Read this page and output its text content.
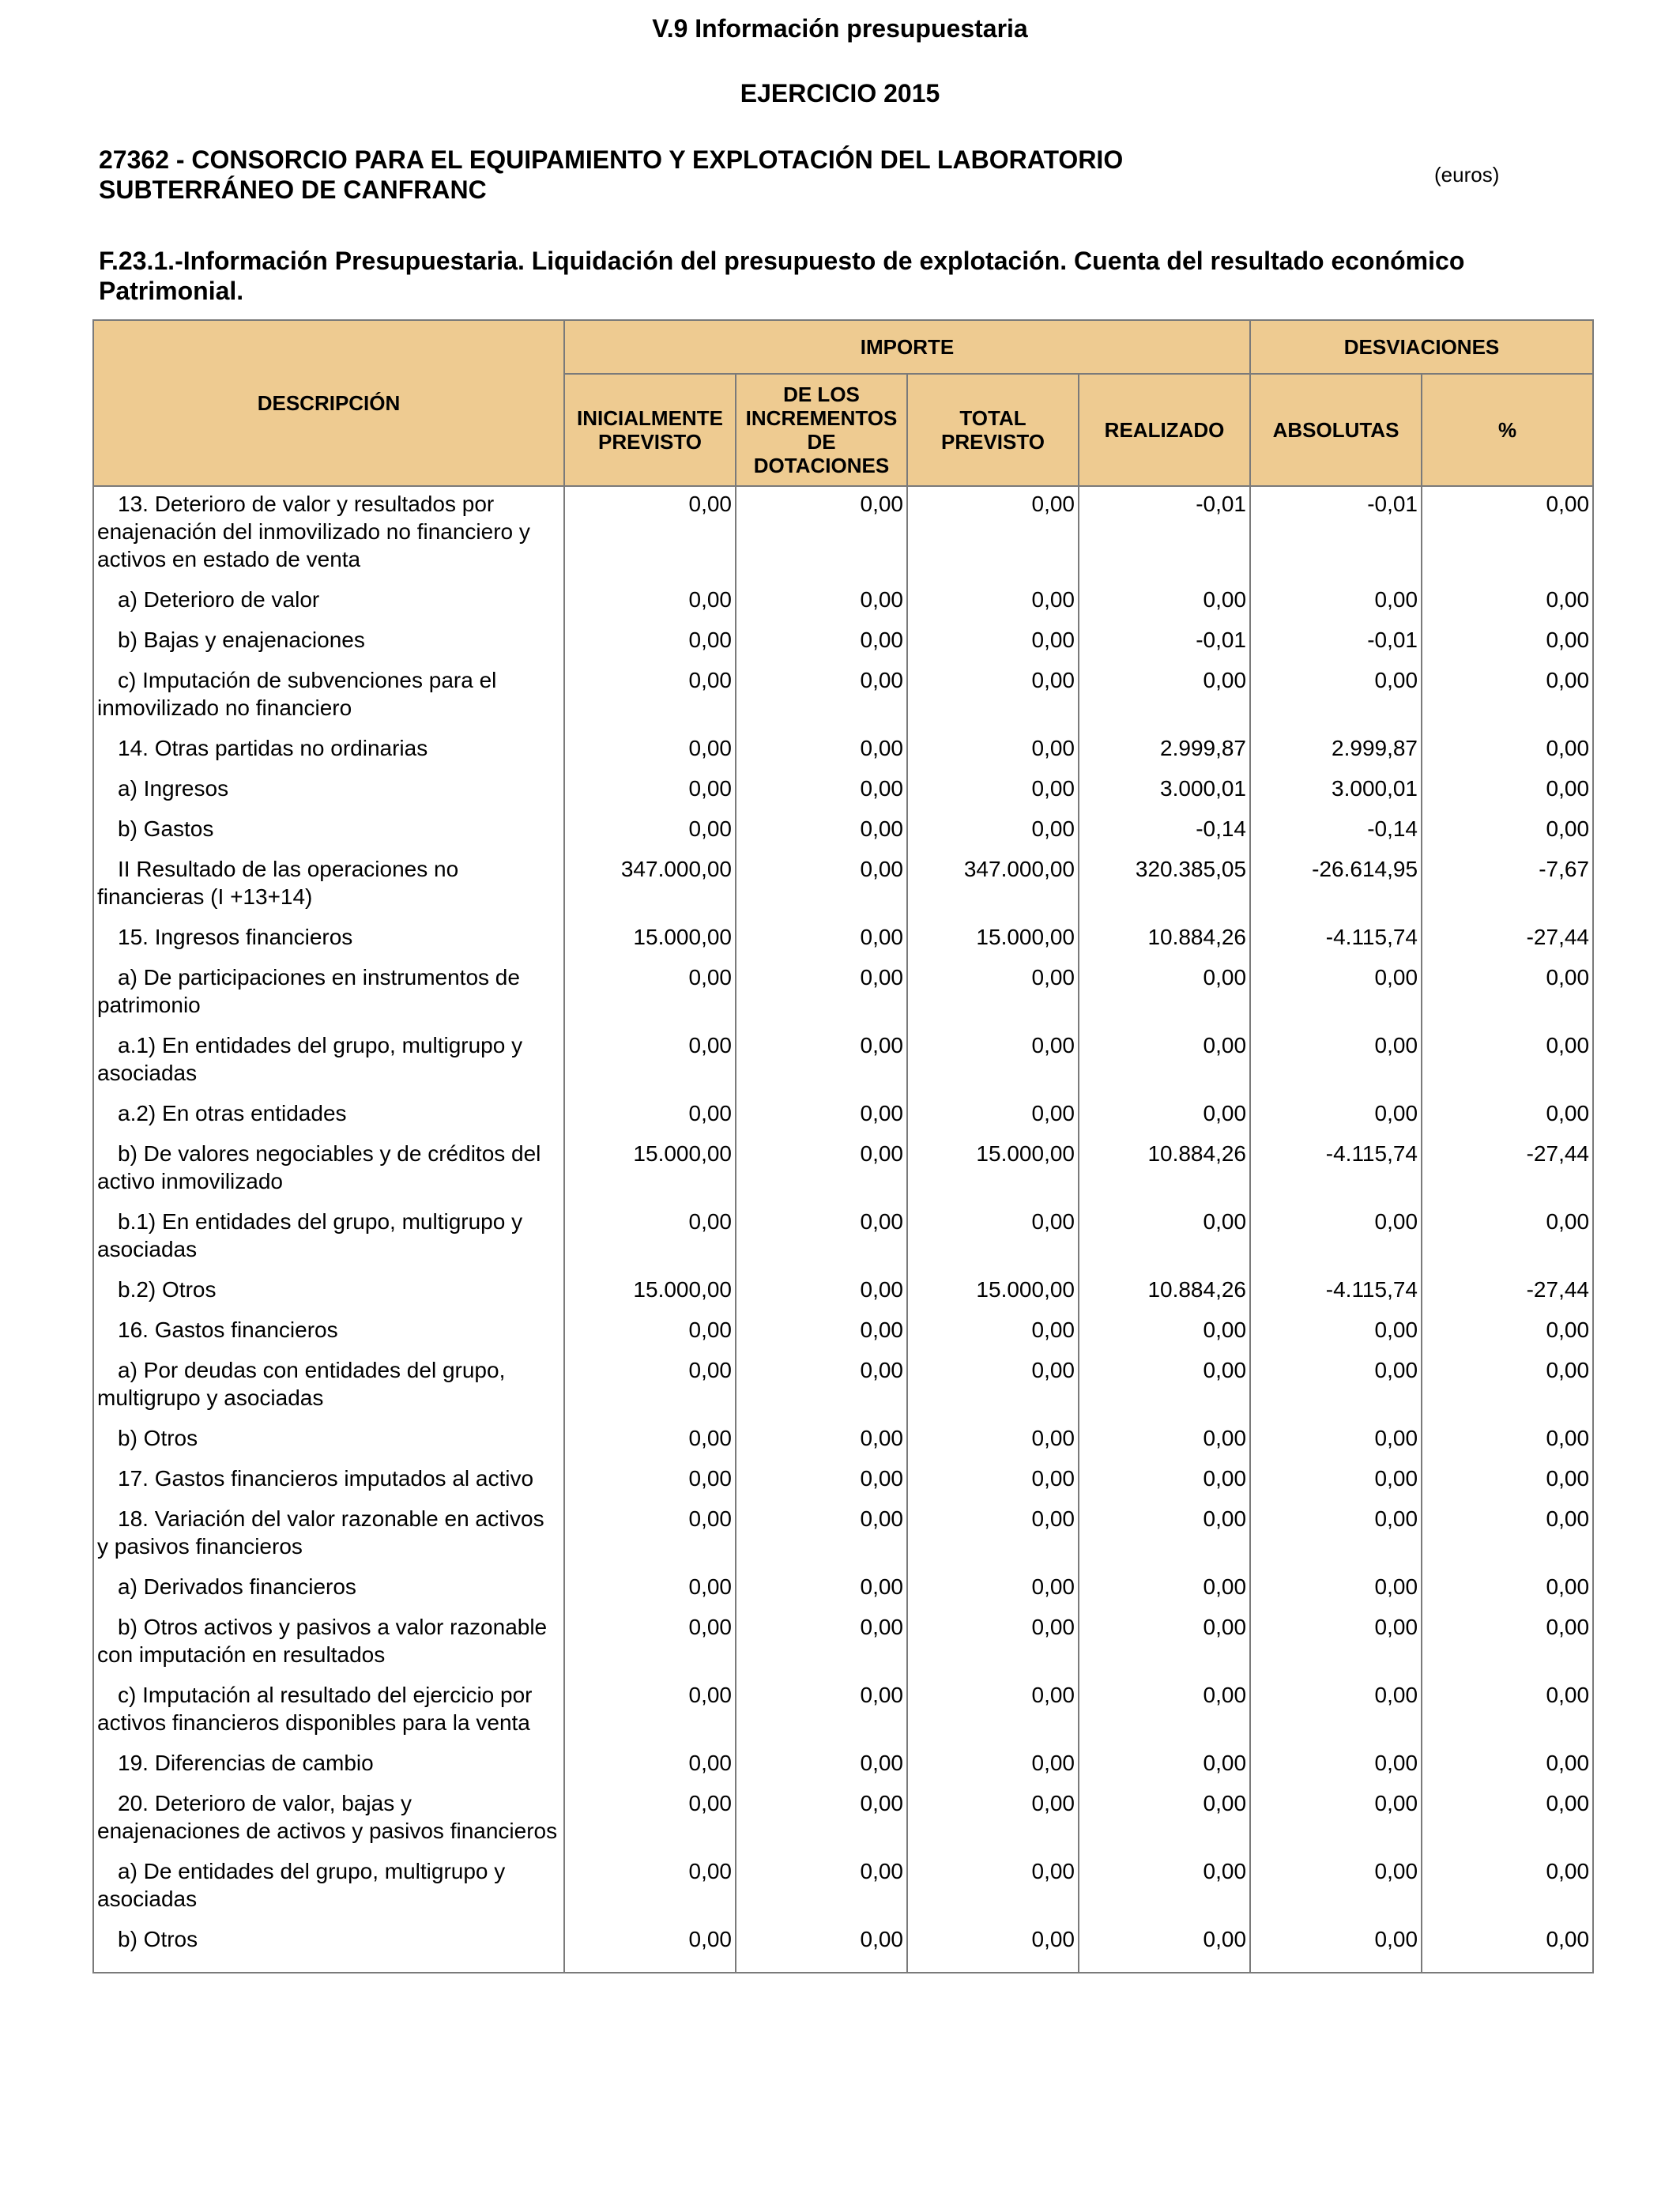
V.9 Información presupuestaria
EJERCICIO 2015
27362 - CONSORCIO PARA EL EQUIPAMIENTO Y EXPLOTACIÓN DEL LABORATORIO SUBTERRÁNEO DE CANFRANC
(euros)
F.23.1.-Información Presupuestaria. Liquidación del presupuesto de explotación. Cuenta del resultado económico Patrimonial.
DESCRIPCIÓN	IMPORTE				DESVIACIONES	
	INICIALMENTE PREVISTO	DE LOS INCREMENTOS DE DOTACIONES	TOTAL PREVISTO	REALIZADO	ABSOLUTAS	%
13. Deterioro de valor y resultados por enajenación del inmovilizado no financiero y activos en estado de venta	0,00	0,00	0,00	-0,01	-0,01	0,00
a) Deterioro de valor	0,00	0,00	0,00	0,00	0,00	0,00
b) Bajas y enajenaciones	0,00	0,00	0,00	-0,01	-0,01	0,00
c) Imputación de subvenciones para el inmovilizado no financiero	0,00	0,00	0,00	0,00	0,00	0,00
14. Otras partidas no ordinarias	0,00	0,00	0,00	2.999,87	2.999,87	0,00
a) Ingresos	0,00	0,00	0,00	3.000,01	3.000,01	0,00
b) Gastos	0,00	0,00	0,00	-0,14	-0,14	0,00
II Resultado de las operaciones no financieras (I +13+14)	347.000,00	0,00	347.000,00	320.385,05	-26.614,95	-7,67
15. Ingresos financieros	15.000,00	0,00	15.000,00	10.884,26	-4.115,74	-27,44
a) De participaciones en instrumentos de patrimonio	0,00	0,00	0,00	0,00	0,00	0,00
a.1) En entidades del grupo, multigrupo y asociadas	0,00	0,00	0,00	0,00	0,00	0,00
a.2) En otras entidades	0,00	0,00	0,00	0,00	0,00	0,00
b) De valores negociables y de créditos del activo inmovilizado	15.000,00	0,00	15.000,00	10.884,26	-4.115,74	-27,44
b.1) En entidades del grupo, multigrupo y asociadas	0,00	0,00	0,00	0,00	0,00	0,00
b.2) Otros	15.000,00	0,00	15.000,00	10.884,26	-4.115,74	-27,44
16. Gastos financieros	0,00	0,00	0,00	0,00	0,00	0,00
a) Por deudas con entidades del grupo, multigrupo y asociadas	0,00	0,00	0,00	0,00	0,00	0,00
b) Otros	0,00	0,00	0,00	0,00	0,00	0,00
17. Gastos financieros imputados al activo	0,00	0,00	0,00	0,00	0,00	0,00
18. Variación del valor razonable en activos y pasivos financieros	0,00	0,00	0,00	0,00	0,00	0,00
a) Derivados financieros	0,00	0,00	0,00	0,00	0,00	0,00
b) Otros activos y pasivos a valor razonable con imputación en resultados	0,00	0,00	0,00	0,00	0,00	0,00
c) Imputación al resultado del ejercicio por activos financieros disponibles para la venta	0,00	0,00	0,00	0,00	0,00	0,00
19. Diferencias de cambio	0,00	0,00	0,00	0,00	0,00	0,00
20. Deterioro de valor, bajas y enajenaciones de activos y pasivos financieros	0,00	0,00	0,00	0,00	0,00	0,00
a) De entidades del grupo, multigrupo y asociadas	0,00	0,00	0,00	0,00	0,00	0,00
b) Otros	0,00	0,00	0,00	0,00	0,00	0,00
